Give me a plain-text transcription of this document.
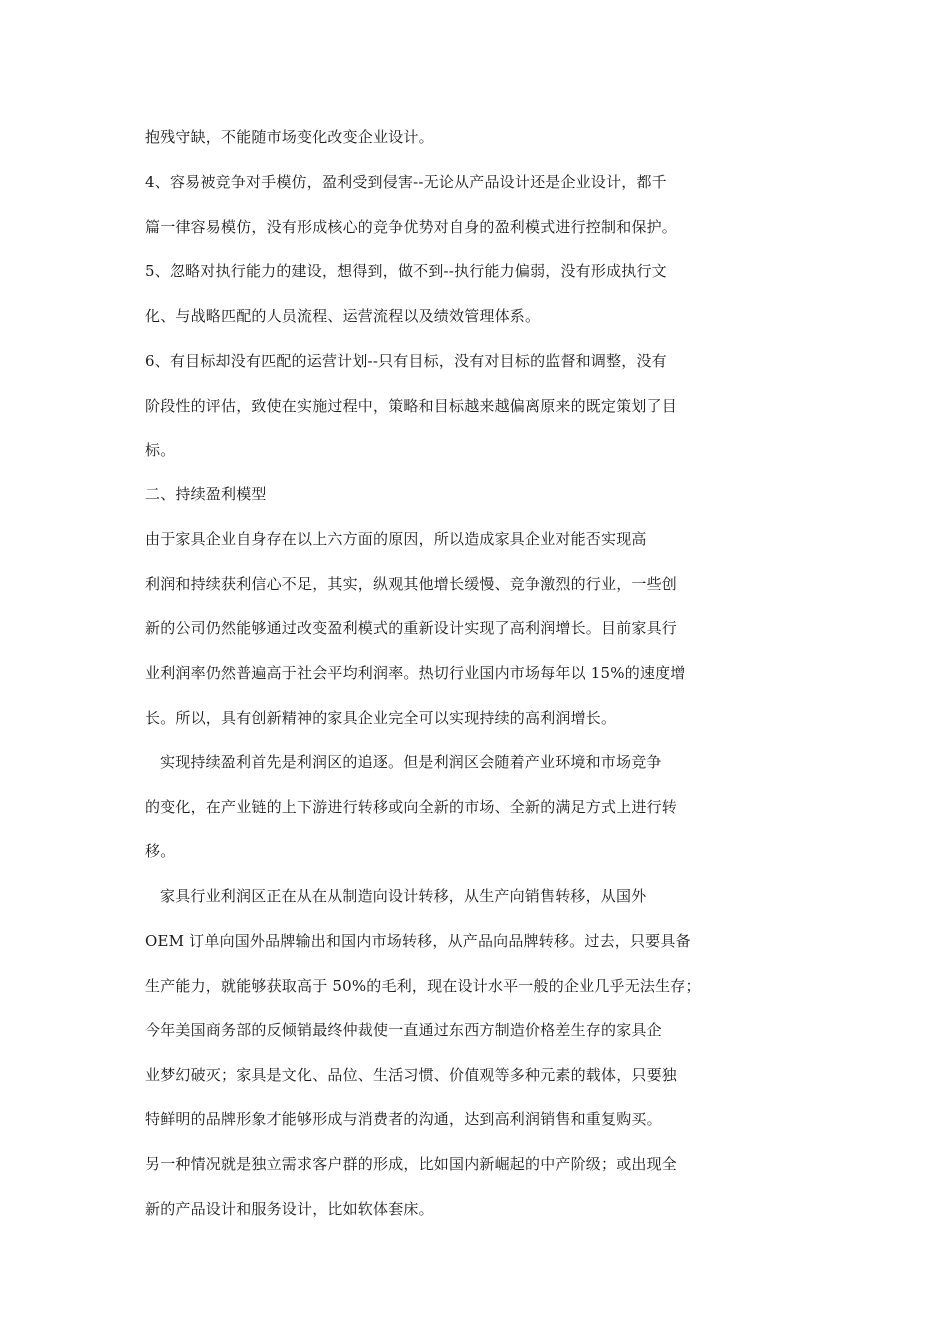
抱残守缺，不能随市场变化改变企业设计。
4、容易被竞争对手模仿，盈利受到侵害--无论从产品设计还是企业设计，都千
篇一律容易模仿，没有形成核心的竞争优势对自身的盈利模式进行控制和保护。
5、忽略对执行能力的建设，想得到，做不到--执行能力偏弱，没有形成执行文
化、与战略匹配的人员流程、运营流程以及绩效管理体系。
6、有目标却没有匹配的运营计划--只有目标，没有对目标的监督和调整，没有
阶段性的评估，致使在实施过程中，策略和目标越来越偏离原来的既定策划了目
标。
二、持续盈利模型
由于家具企业自身存在以上六方面的原因，所以造成家具企业对能否实现高
利润和持续获利信心不足，其实，纵观其他增长缓慢、竞争激烈的行业，一些创
新的公司仍然能够通过改变盈利模式的重新设计实现了高利润增长。目前家具行
业利润率仍然普遍高于社会平均利润率。热切行业国内市场每年以 15%的速度增
长。所以，具有创新精神的家具企业完全可以实现持续的高利润增长。
实现持续盈利首先是利润区的追逐。但是利润区会随着产业环境和市场竞争
的变化，在产业链的上下游进行转移或向全新的市场、全新的满足方式上进行转
移。
家具行业利润区正在从在从制造向设计转移，从生产向销售转移，从国外
OEM 订单向国外品牌输出和国内市场转移，从产品向品牌转移。过去，只要具备
生产能力，就能够获取高于 50%的毛利，现在设计水平一般的企业几乎无法生存；
今年美国商务部的反倾销最终仲裁使一直通过东西方制造价格差生存的家具企
业梦幻破灭；家具是文化、品位、生活习惯、价值观等多种元素的载体，只要独
特鲜明的品牌形象才能够形成与消费者的沟通，达到高利润销售和重复购买。
另一种情况就是独立需求客户群的形成，比如国内新崛起的中产阶级；或出现全
新的产品设计和服务设计，比如软体套床。
